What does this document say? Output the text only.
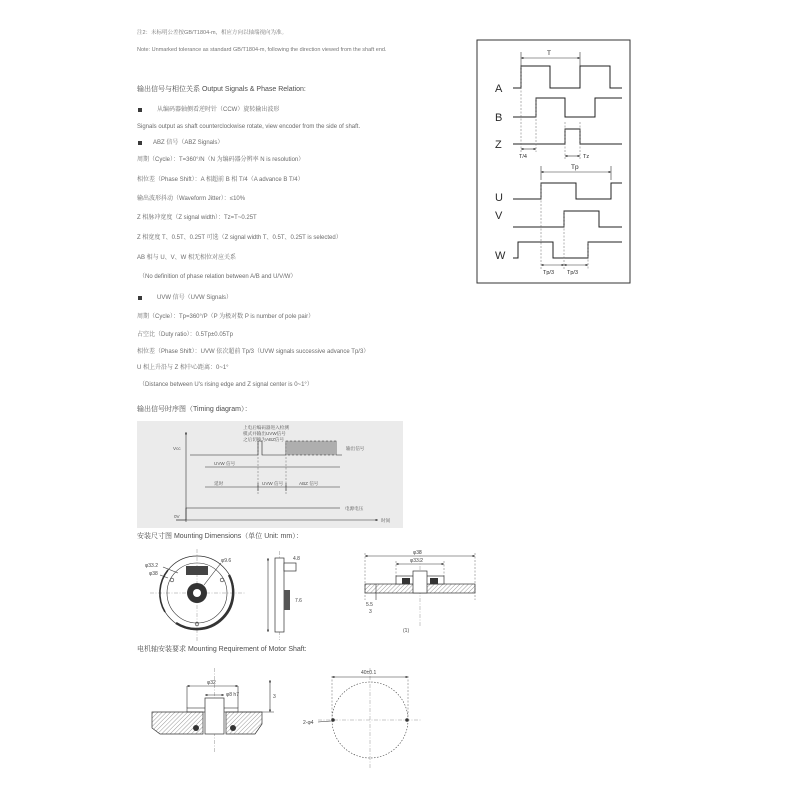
注2：未标明公差按GB/T1804-m，相应方向以轴端视向为准。
Note: Unmarked tolerance as standard GB/T1804-m, following the direction viewed from the shaft end.
输出信号与相位关系 Output Signals & Phase Relation:
从编码器轴侧看逆时针（CCW）旋转输出波形
Signals output as shaft counterclockwise rotate, view encoder from the side of shaft.
ABZ 信号（ABZ Signals）
周期（Cycle）：T=360°/N（N 为编码器分辨率 N is resolution）
相位差（Phase Shift）：A 相超前 B 相 T/4（A advance B T/4）
输出波形抖动（Waveform Jitter）：≤10%
Z 相脉冲宽度（Z signal width）：Tz=T~0.25T
Z 相宽度 T、0.5T、0.25T 可选（Z signal width T、0.5T、0.25T is selected）
AB 相与 U、V、W 相无相位对应关系
（No definition of phase relation between A/B and U/V/W）
UVW 信号（UVW Signals）
周期（Cycle）：Tp=360°/P（P 为极对数 P is number of pole pair）
占空比（Duty ratio）：0.5Tp±0.05Tp
相位差（Phase Shift）：UVW 依次超前 Tp/3（UVW signals successive advance Tp/3）
U 相上升沿与 Z 相中心距离：0~1°
（Distance between U's rising edge and Z signal center is 0~1°）
输出信号时序图（Timing diagram）：
安装尺寸图 Mounting Dimensions（单位 Unit: mm）：
电机轴安装要求 Mounting Requirement of Motor Shaft:
T
A
B
Z
T/4	Tz
Tp
U
V
W
Tp/3 Tp/3
上电后编码器进入检测
模式并输出UVW信号
之后切换为ABZ信号
Vcc
0V
输出信号
UVW 信号
延时	UVW 信号	ABZ 信号
电源电压
时间
φ33.2
φ38
φ9.6	4.8
7.6
φ33.2
φ38
5.5
3
(1)
φ32
φ8 h7	3
40±0.1
2-φ4
